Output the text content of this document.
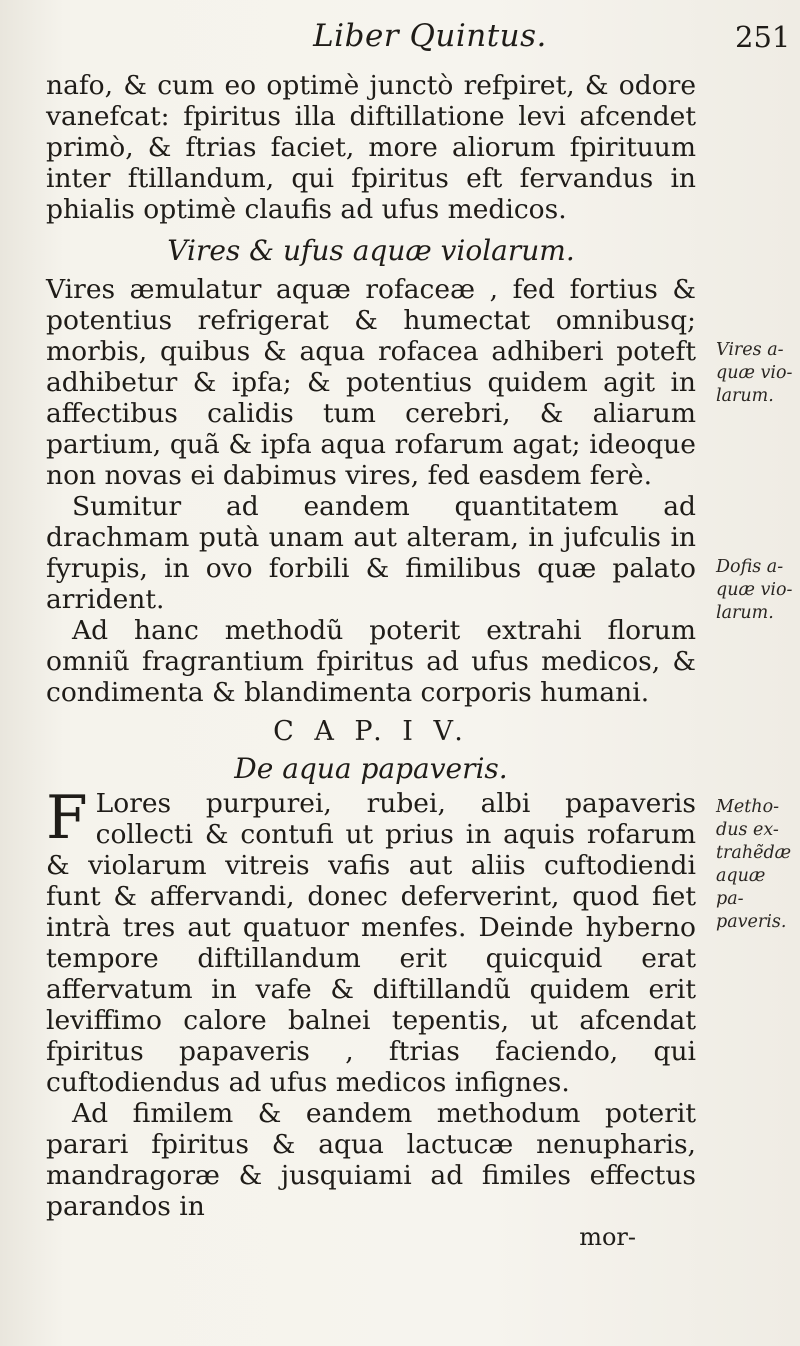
Liber Quintus.	251

nafo, & cum eo optimè junctò refpiret, & odore vanefcat: fpiritus illa diftillatione levi afcendet primò, & ftrias faciet, more aliorum fpirituum inter ftillandum, qui fpiritus eft fervandus in phialis optimè claufis ad ufus medicos.

Vires & ufus aquæ violarum.

Vires æmulatur aquæ rofaceæ , fed fortius & potentius refrigerat & humectat omnibusq; morbis, quibus & aqua rofacea adhiberi poteft adhibetur & ipfa; & potentius quidem agit in affectibus calidis tum cerebri, & aliarum partium, quã & ipfa aqua rofarum agat; ideoque non novas ei dabimus vires, fed easdem ferè.

Sumitur ad eandem quantitatem ad drachmam putà unam aut alteram, in jufculis in fyrupis, in ovo forbili & fimilibus quæ palato arrident.

Ad hanc methodũ poterit extrahi florum omniũ fragrantium fpiritus ad ufus medicos, & condimenta & blandimenta corporis humani.

C A P. I V.
De aqua papaveris.

F Lores purpurei, rubei, albi papaveris collecti & contufi ut prius in aquis rofarum & violarum vitreis vafis aut aliis cuftodiendi funt & affervandi, donec deferverint, quod fiet intrà tres aut quatuor menfes. Deinde hyberno tempore diftillandum erit quicquid erat affervatum in vafe & diftillandũ quidem erit leviffimo calore balnei tepentis, ut afcendat fpiritus papaveris , ftrias faciendo, qui cuftodiendus ad ufus medicos infignes.

Ad fimilem & eandem methodum poterit parari fpiritus & aqua lactucæ nenupharis, mandragoræ & jusquiami ad fimiles effectus parandos in

mor-
Vires a-
quæ vio-
larum.
Dofis a-
quæ vio-
larum.
Metho-
dus ex-
trahẽdæ
aquæ pa-
paveris.
